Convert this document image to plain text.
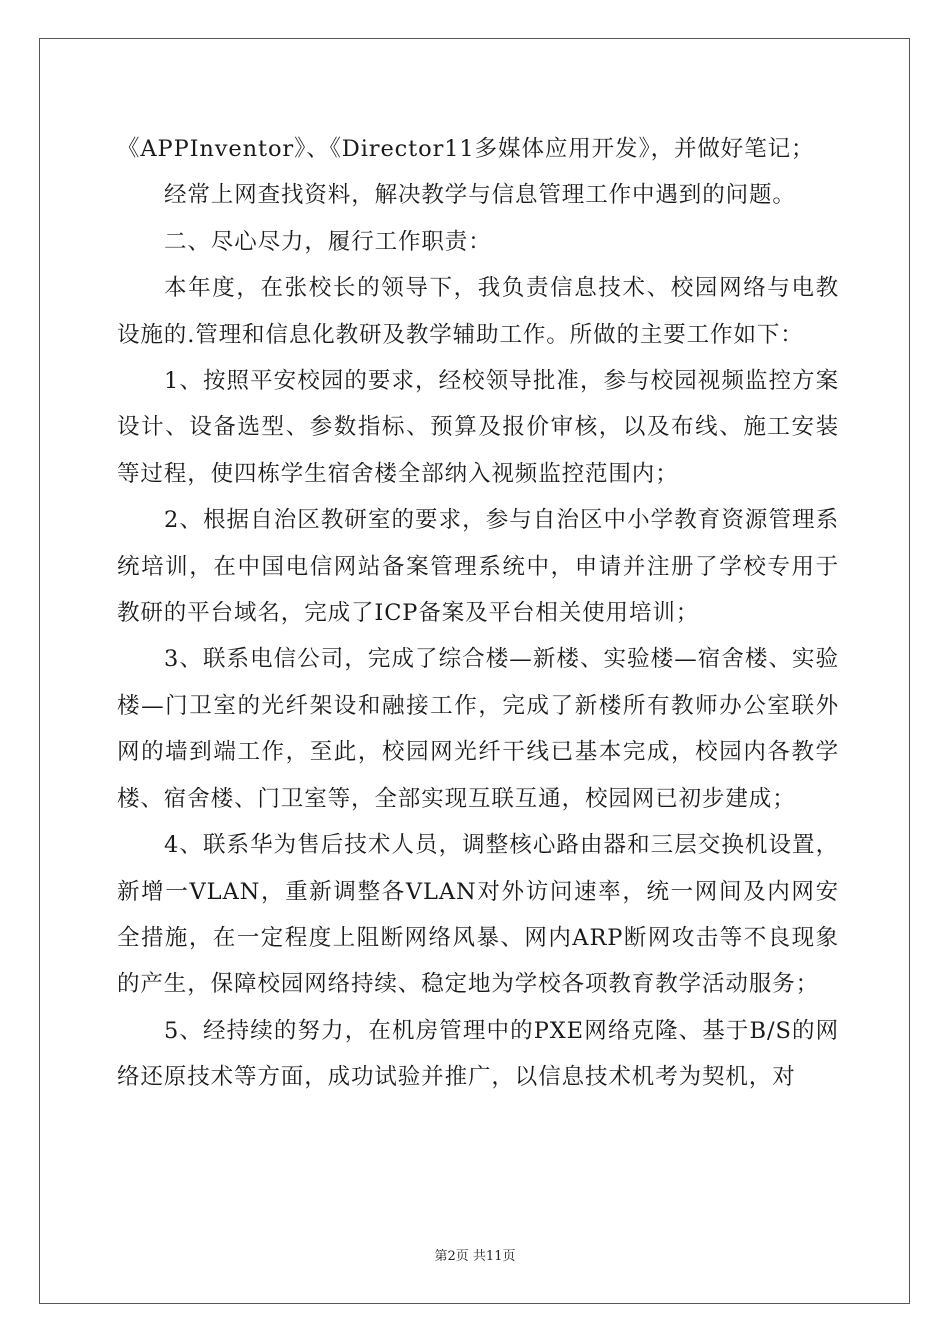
《APPInventor》、《Director11多媒体应用开发》，并做好笔记；

经常上网查找资料，解决教学与信息管理工作中遇到的问题。

二、尽心尽力，履行工作职责：

本年度，在张校长的领导下，我负责信息技术、校园网络与电教设施的.管理和信息化教研及教学辅助工作。所做的主要工作如下：

1、按照平安校园的要求，经校领导批准，参与校园视频监控方案设计、设备选型、参数指标、预算及报价审核，以及布线、施工安装等过程，使四栋学生宿舍楼全部纳入视频监控范围内；

2、根据自治区教研室的要求，参与自治区中小学教育资源管理系统培训，在中国电信网站备案管理系统中，申请并注册了学校专用于教研的平台域名，完成了ICP备案及平台相关使用培训；

3、联系电信公司，完成了综合楼—新楼、实验楼—宿舍楼、实验楼—门卫室的光纤架设和融接工作，完成了新楼所有教师办公室联外网的墙到端工作，至此，校园网光纤干线已基本完成，校园内各教学楼、宿舍楼、门卫室等，全部实现互联互通，校园网已初步建成；

4、联系华为售后技术人员，调整核心路由器和三层交换机设置，新增一VLAN，重新调整各VLAN对外访问速率，统一网间及内网安全措施，在一定程度上阻断网络风暴、网内ARP断网攻击等不良现象的产生，保障校园网络持续、稳定地为学校各项教育教学活动服务；

5、经持续的努力，在机房管理中的PXE网络克隆、基于B/S的网络还原技术等方面，成功试验并推广，以信息技术机考为契机，对

第2页 共11页
